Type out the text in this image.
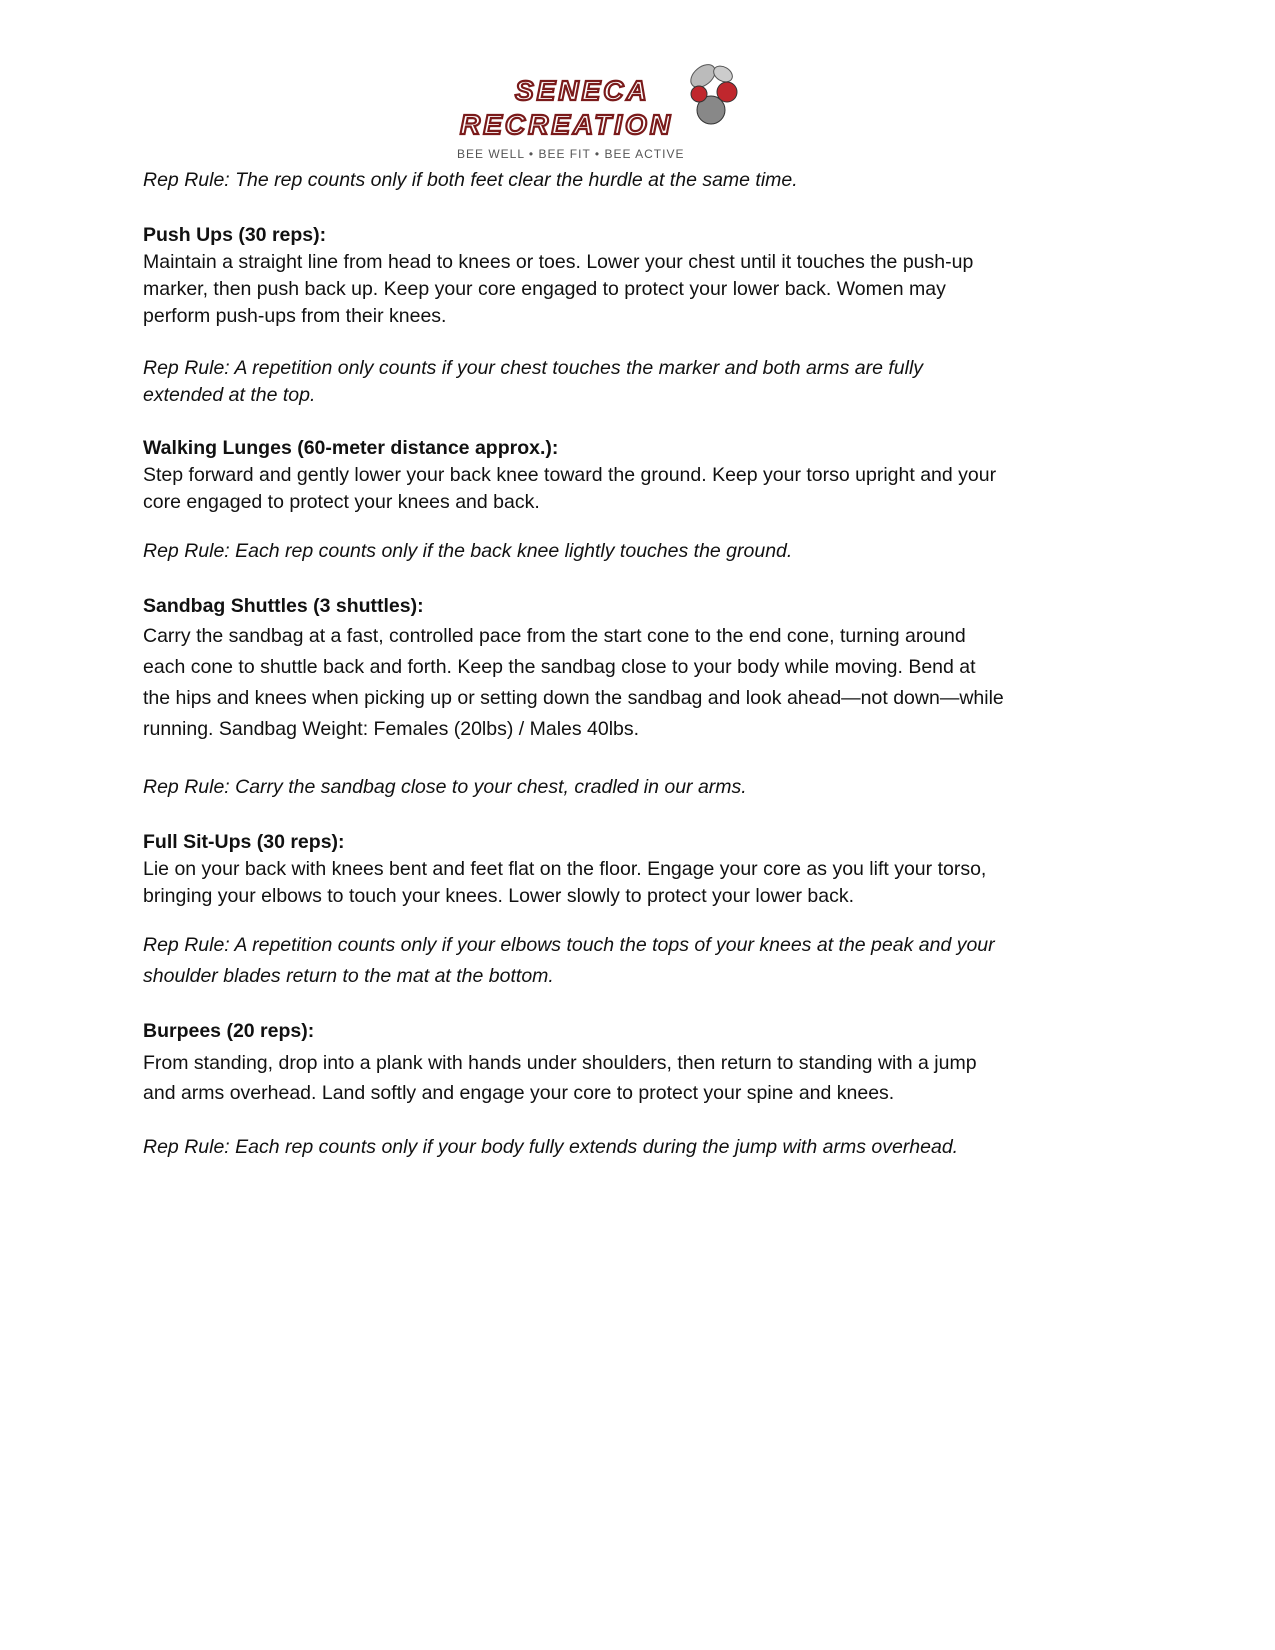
SENECA
RECREATION
BEE WELL • BEE FIT • BEE ACTIVE
Rep Rule: The rep counts only if both feet clear the hurdle at the same time.
Push Ups (30 reps):
Maintain a straight line from head to knees or toes. Lower your chest until it touches the push-up
marker, then push back up. Keep your core engaged to protect your lower back. Women may
perform push-ups from their knees.
Rep Rule: A repetition only counts if your chest touches the marker and both arms are fully
extended at the top.
Walking Lunges (60-meter distance approx.):
Step forward and gently lower your back knee toward the ground. Keep your torso upright and your
core engaged to protect your knees and back.
Rep Rule: Each rep counts only if the back knee lightly touches the ground.
Sandbag Shuttles (3 shuttles):
Carry the sandbag at a fast, controlled pace from the start cone to the end cone, turning around
each cone to shuttle back and forth. Keep the sandbag close to your body while moving. Bend at
the hips and knees when picking up or setting down the sandbag and look ahead—not down—while
running. Sandbag Weight: Females (20lbs) / Males 40lbs.
Rep Rule: Carry the sandbag close to your chest, cradled in our arms.
Full Sit-Ups (30 reps):
Lie on your back with knees bent and feet flat on the floor. Engage your core as you lift your torso,
bringing your elbows to touch your knees. Lower slowly to protect your lower back.
Rep Rule: A repetition counts only if your elbows touch the tops of your knees at the peak and your
shoulder blades return to the mat at the bottom.
Burpees (20 reps):
From standing, drop into a plank with hands under shoulders, then return to standing with a jump
and arms overhead. Land softly and engage your core to protect your spine and knees.
Rep Rule: Each rep counts only if your body fully extends during the jump with arms overhead.
